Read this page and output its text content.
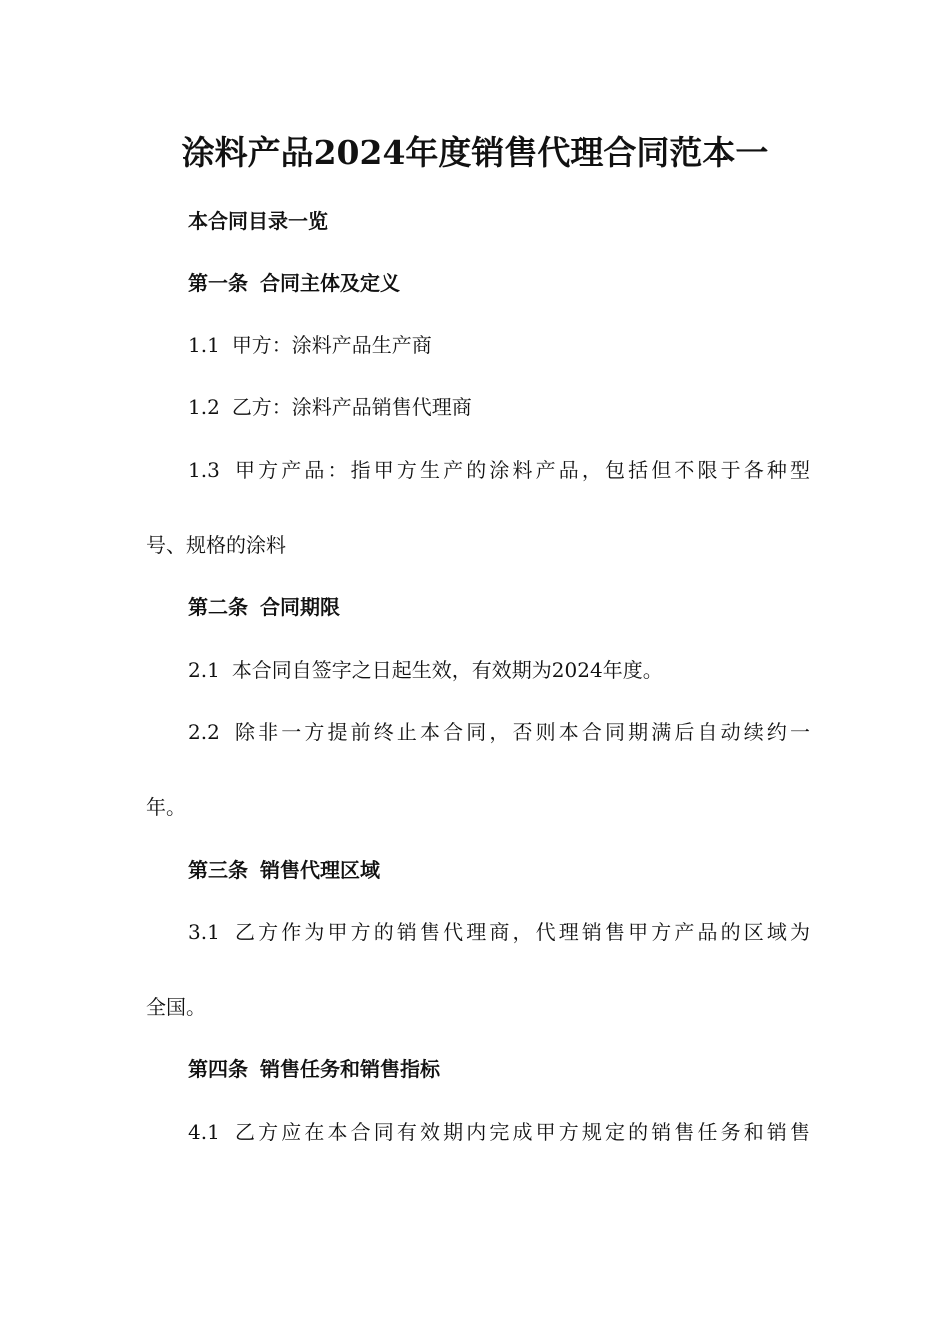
涂料产品2024年度销售代理合同范本一
本合同目录一览
第一条 合同主体及定义
1.1 甲方：涂料产品生产商
1.2 乙方：涂料产品销售代理商
1.3 甲方产品：指甲方生产的涂料产品，包括但不限于各种型
号、规格的涂料
第二条 合同期限
2.1 本合同自签字之日起生效，有效期为2024年度。
2.2 除非一方提前终止本合同，否则本合同期满后自动续约一
年。
第三条 销售代理区域
3.1 乙方作为甲方的销售代理商，代理销售甲方产品的区域为
全国。
第四条 销售任务和销售指标
4.1 乙方应在本合同有效期内完成甲方规定的销售任务和销售
